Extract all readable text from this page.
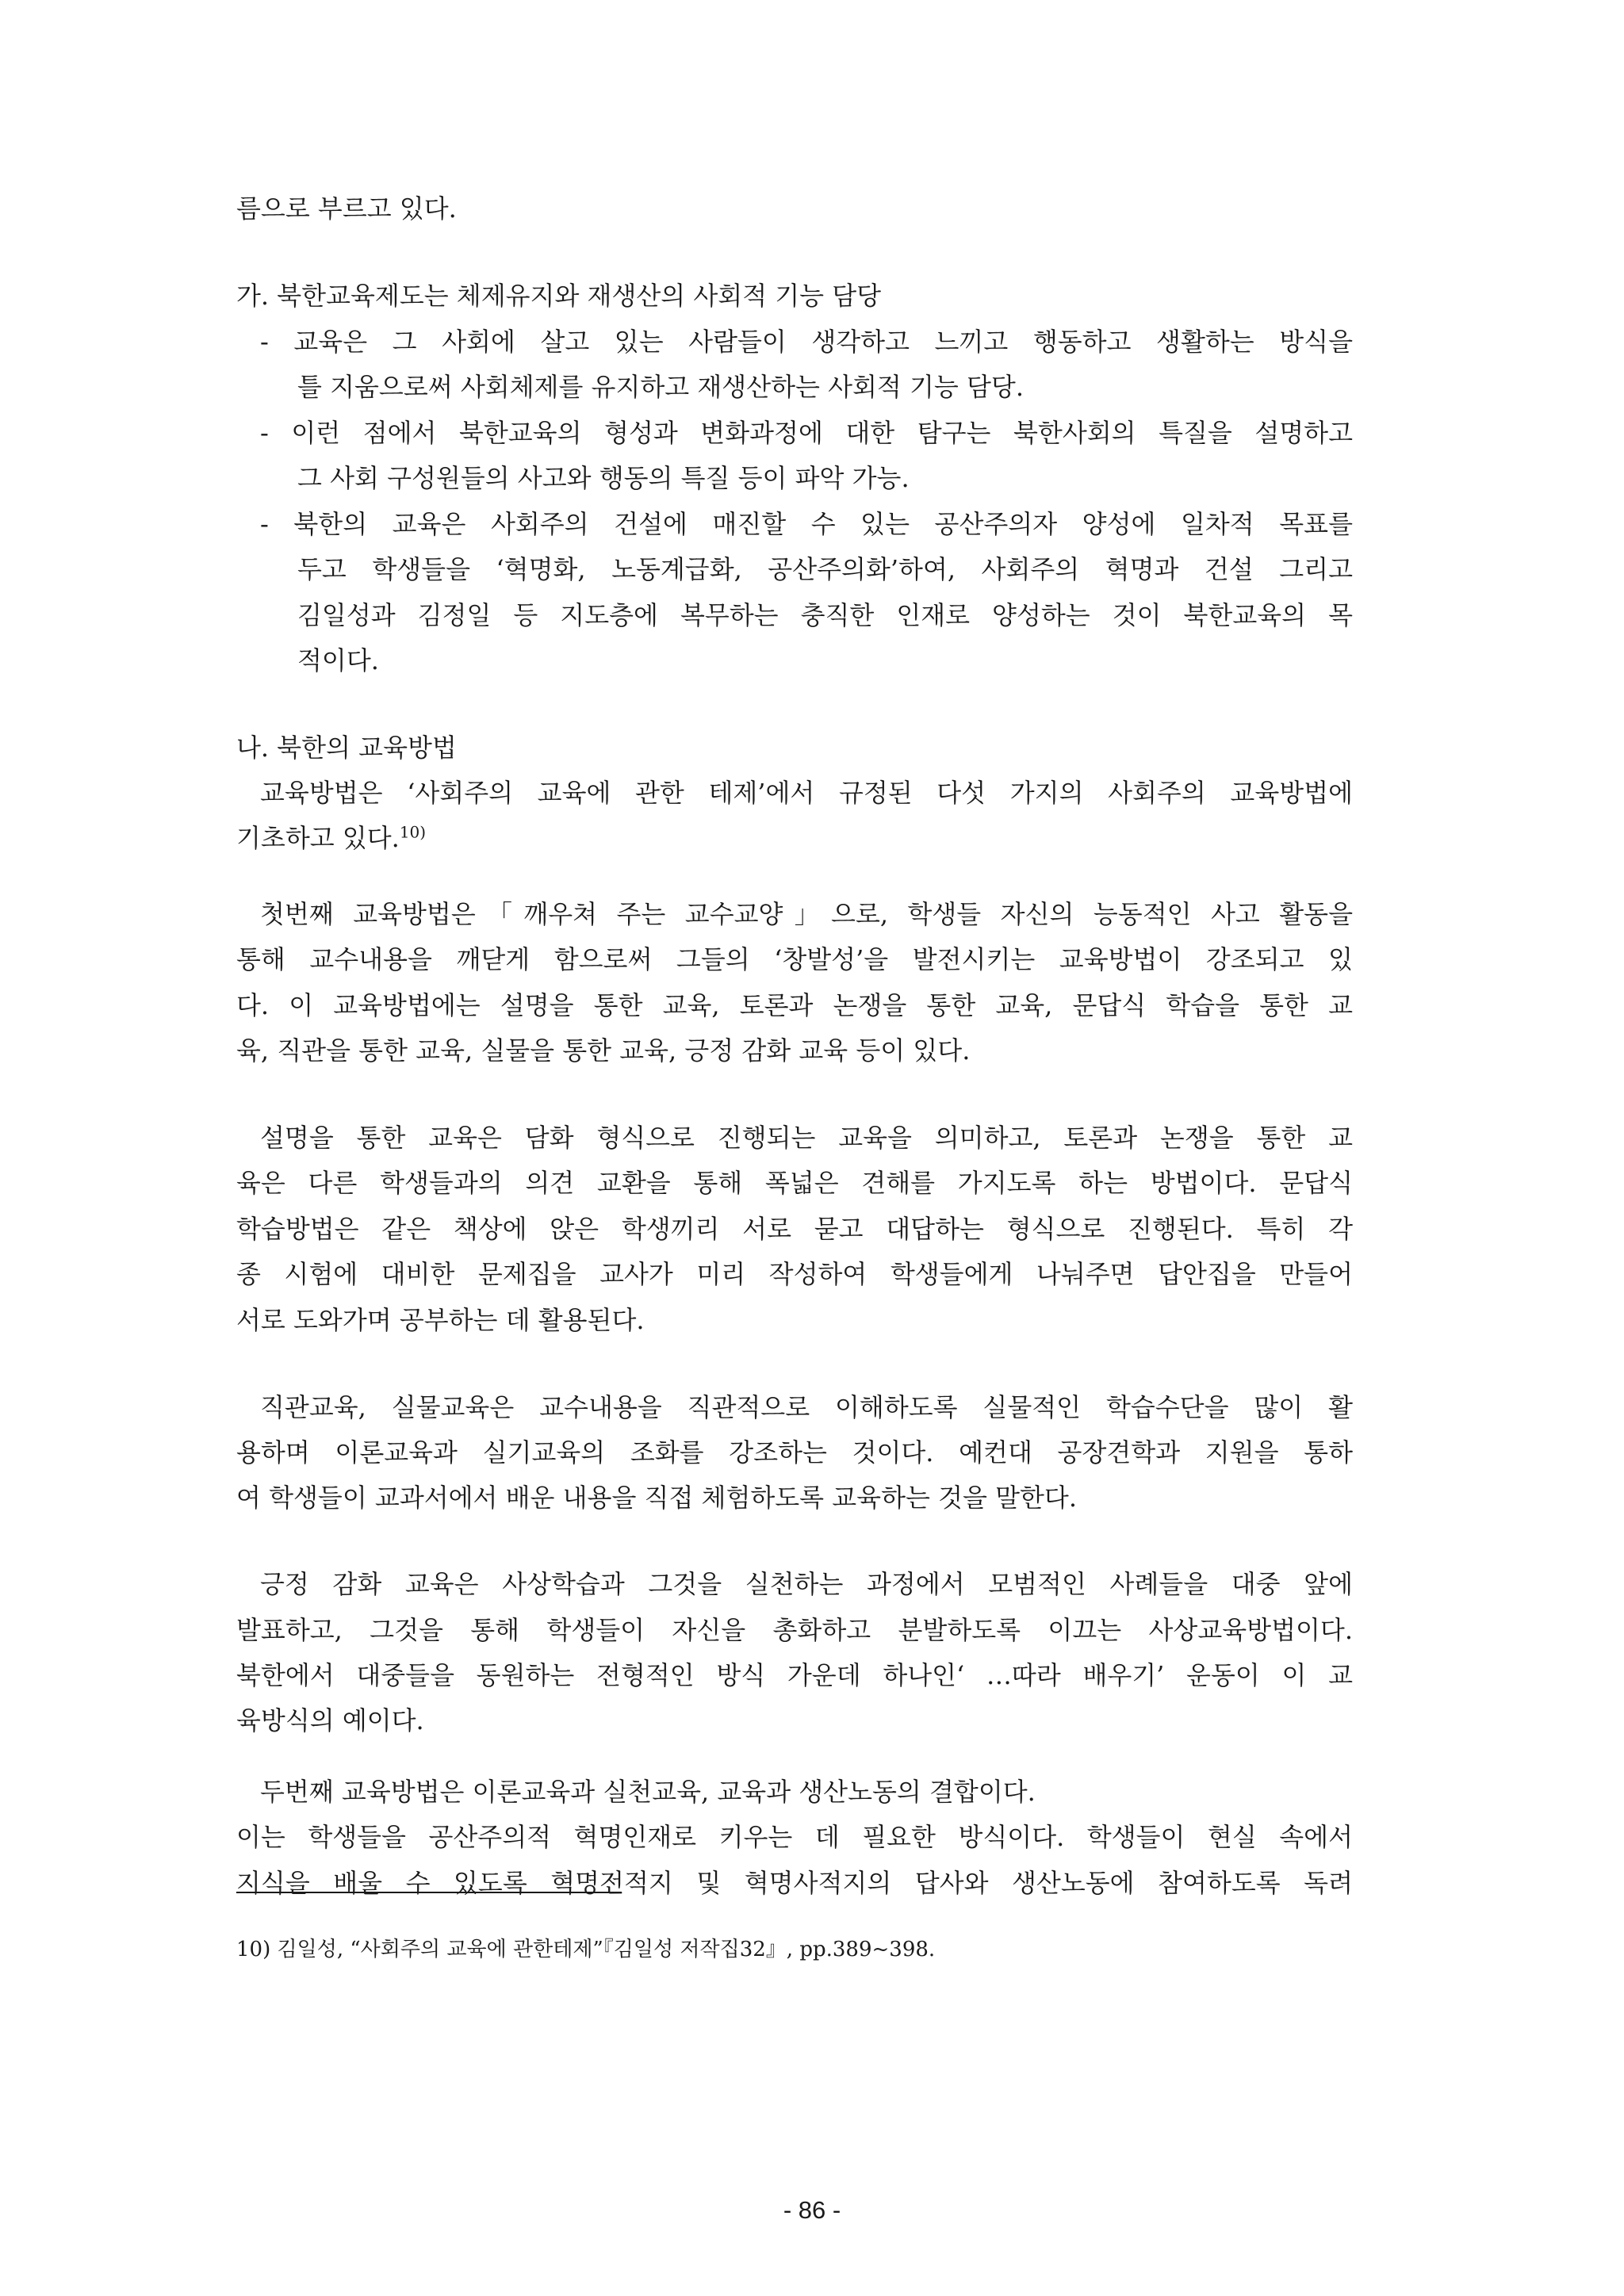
름으로 부르고 있다.
가. 북한교육제도는 체제유지와 재생산의 사회적 기능 담당
- 교육은 그 사회에 살고 있는 사람들이 생각하고 느끼고 행동하고 생활하는 방식을
틀 지움으로써 사회체제를 유지하고 재생산하는 사회적 기능 담당.
- 이런 점에서 북한교육의 형성과 변화과정에 대한 탐구는 북한사회의 특질을 설명하고
그 사회 구성원들의 사고와 행동의 특질 등이 파악 가능.
- 북한의 교육은 사회주의 건설에 매진할 수 있는 공산주의자 양성에 일차적 목표를
두고 학생들을 ‘혁명화, 노동계급화, 공산주의화’하여, 사회주의 혁명과 건설 그리고
김일성과 김정일 등 지도층에 복무하는 충직한 인재로 양성하는 것이 북한교육의 목
적이다.
나. 북한의 교육방법
교육방법은 ‘사회주의 교육에 관한 테제’에서 규정된 다섯 가지의 사회주의 교육방법에
기초하고 있다.$^{10)}$
첫번째 교육방법은「깨우쳐 주는 교수교양」으로, 학생들 자신의 능동적인 사고 활동을
통해 교수내용을 깨닫게 함으로써 그들의 ‘창발성’을 발전시키는 교육방법이 강조되고 있
다. 이 교육방법에는 설명을 통한 교육, 토론과 논쟁을 통한 교육, 문답식 학습을 통한 교
육, 직관을 통한 교육, 실물을 통한 교육, 긍정 감화 교육 등이 있다.
설명을 통한 교육은 담화 형식으로 진행되는 교육을 의미하고, 토론과 논쟁을 통한 교
육은 다른 학생들과의 의견 교환을 통해 폭넓은 견해를 가지도록 하는 방법이다. 문답식
학습방법은 같은 책상에 앉은 학생끼리 서로 묻고 대답하는 형식으로 진행된다. 특히 각
종 시험에 대비한 문제집을 교사가 미리 작성하여 학생들에게 나눠주면 답안집을 만들어
서로 도와가며 공부하는 데 활용된다.
직관교육, 실물교육은 교수내용을 직관적으로 이해하도록 실물적인 학습수단을 많이 활
용하며 이론교육과 실기교육의 조화를 강조하는 것이다. 예컨대 공장견학과 지원을 통하
여 학생들이 교과서에서 배운 내용을 직접 체험하도록 교육하는 것을 말한다.
긍정 감화 교육은 사상학습과 그것을 실천하는 과정에서 모범적인 사례들을 대중 앞에
발표하고, 그것을 통해 학생들이 자신을 총화하고 분발하도록 이끄는 사상교육방법이다.
북한에서 대중들을 동원하는 전형적인 방식 가운데 하나인‘ …따라 배우기’ 운동이 이 교
육방식의 예이다.
두번째 교육방법은 이론교육과 실천교육, 교육과 생산노동의 결합이다.
이는 학생들을 공산주의적 혁명인재로 키우는 데 필요한 방식이다. 학생들이 현실 속에서
지식을 배울 수 있도록 혁명전적지 및 혁명사적지의 답사와 생산노동에 참여하도록 독려
10) 김일성, “사회주의 교육에 관한테제”『김일성 저작집32』, pp.389~398.
- 86 -
